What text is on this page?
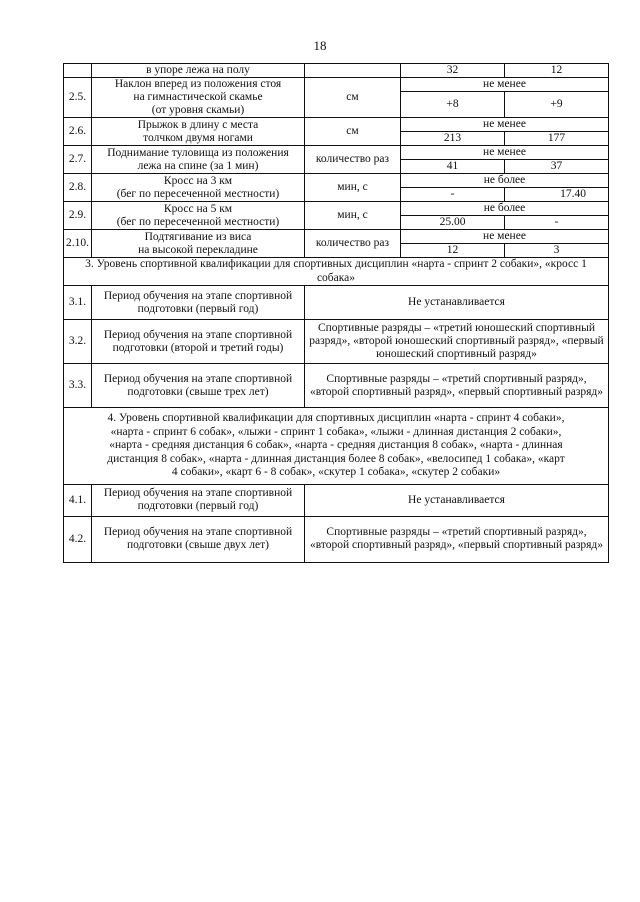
18
	в упоре лежа на полу		32	12
2.5.	Наклон вперед из положения стоя
на гимнастической скамье
(от уровня скамьи)	см	не менее	
			+8	+9
2.6.	Прыжок в длину с места
толчком двумя ногами	см	не менее	
			213	177
2.7.	Поднимание туловища из положения
лежа на спине (за 1 мин)	количество раз	не менее	
			41	37
2.8.	Кросс на 3 км
(бег по пересеченной местности)	мин, с	не более	
			-	17.40
2.9.	Кросс на 5 км
(бег по пересеченной местности)	мин, с	не более	
			25.00	-
2.10.	Подтягивание из виса
на высокой перекладине	количество раз	не менее	
			12	3
3. Уровень спортивной квалификации для спортивных дисциплин «нарта - спринт 2 собаки», «кросс 1 собака»				
3.1.	Период обучения на этапе спортивной подготовки (первый год)	Не устанавливается		
3.2.	Период обучения на этапе спортивной подготовки (второй и третий годы)	Спортивные разряды – «третий юношеский спортивный разряд», «второй юношеский спортивный разряд», «первый юношеский спортивный разряд»		
3.3.	Период обучения на этапе спортивной подготовки (свыше трех лет)	Спортивные разряды – «третий спортивный разряд», «второй спортивный разряд», «первый спортивный разряд»		
4. Уровень спортивной квалификации для спортивных дисциплин «нарта - спринт 4 собаки», «нарта - спринт 6 собак», «лыжи - спринт 1 собака», «лыжи - длинная дистанция 2 собаки», «нарта - средняя дистанция 6 собак», «нарта - средняя дистанция 8 собак», «нарта - длинная дистанция 8 собак», «нарта - длинная дистанция более 8 собак», «велосипед 1 собака», «карт 4 собаки», «карт 6 - 8 собак», «скутер 1 собака», «скутер 2 собаки»				
4.1.	Период обучения на этапе спортивной подготовки (первый год)	Не устанавливается		
4.2.	Период обучения на этапе спортивной подготовки (свыше двух лет)	Спортивные разряды – «третий спортивный разряд», «второй спортивный разряд», «первый спортивный разряд»		
